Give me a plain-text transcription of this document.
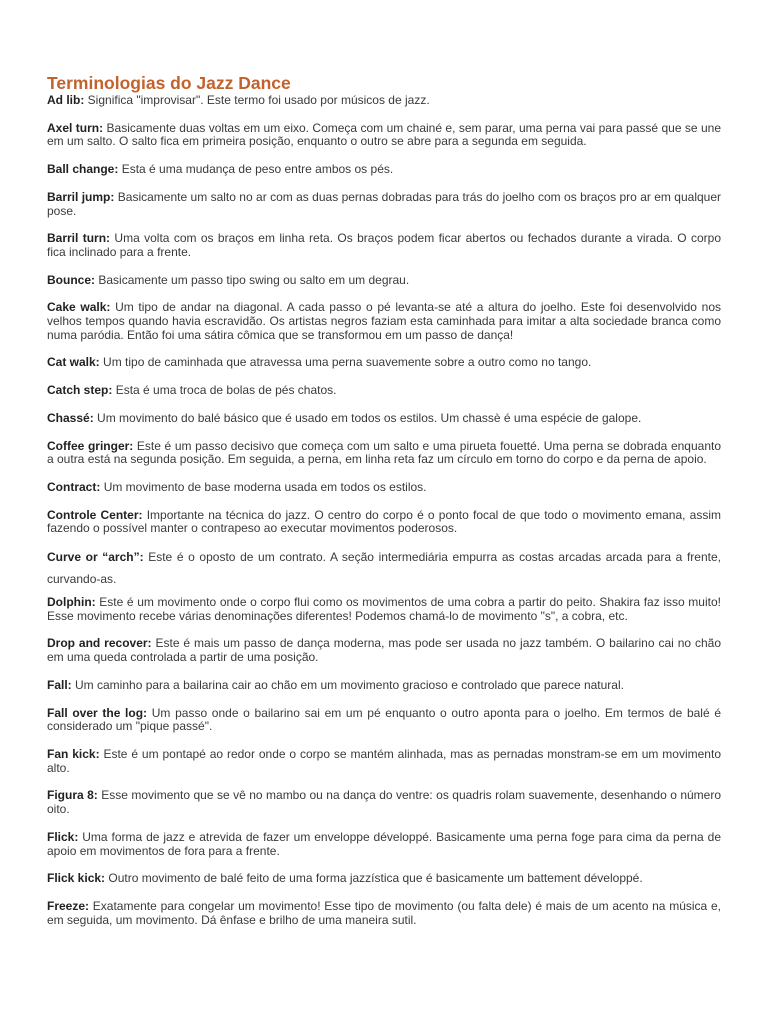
Terminologias do Jazz Dance

Ad lib: Significa "improvisar". Este termo foi usado por músicos de jazz.

Axel turn: Basicamente duas voltas em um eixo. Começa com um chainé e, sem parar, uma perna vai para passé que se une em um salto. O salto fica em primeira posição, enquanto o outro se abre para a segunda em seguida.

Ball change: Esta é uma mudança de peso entre ambos os pés.

Barril jump: Basicamente um salto no ar com as duas pernas dobradas para trás do joelho com os braços pro ar em qualquer pose.

Barril turn: Uma volta com os braços em linha reta. Os braços podem ficar abertos ou fechados durante a virada. O corpo fica inclinado para a frente.

Bounce: Basicamente um passo tipo swing ou salto em um degrau.

Cake walk: Um tipo de andar na diagonal. A cada passo o pé levanta-se até a altura do joelho. Este foi desenvolvido nos velhos tempos quando havia escravidão. Os artistas negros faziam esta caminhada para imitar a alta sociedade branca como numa paródia. Então foi uma sátira cômica que se transformou em um passo de dança!

Cat walk: Um tipo de caminhada que atravessa uma perna suavemente sobre a outro como no tango.

Catch step: Esta é uma troca de bolas de pés chatos.

Chassé: Um movimento do balé básico que é usado em todos os estilos. Um chassè é uma espécie de galope.

Coffee gringer: Este é um passo decisivo que começa com um salto e uma pirueta fouetté. Uma perna se dobrada enquanto a outra está na segunda posição. Em seguida, a perna, em linha reta faz um círculo em torno do corpo e da perna de apoio.

Contract: Um movimento de base moderna usada em todos os estilos.

Controle Center: Importante na técnica do jazz. O centro do corpo é o ponto focal de que todo o movimento emana, assim fazendo o possível manter o contrapeso ao executar movimentos poderosos.

Curve or “arch”: Este é o oposto de um contrato. A seção intermediária empurra as costas arcadas arcada para a frente, curvando-as.

Dolphin: Este é um movimento onde o corpo flui como os movimentos de uma cobra a partir do peito. Shakira faz isso muito! Esse movimento recebe várias denominações diferentes! Podemos chamá-lo de movimento "s", a cobra, etc.

Drop and recover: Este é mais um passo de dança moderna, mas pode ser usada no jazz também. O bailarino cai no chão em uma queda controlada a partir de uma posição.

Fall: Um caminho para a bailarina cair ao chão em um movimento gracioso e controlado que parece natural.

Fall over the log: Um passo onde o bailarino sai em um pé enquanto o outro aponta para o joelho. Em termos de balé é considerado um "pique passé".

Fan kick: Este é um pontapé ao redor onde o corpo se mantém alinhada, mas as pernadas monstram-se em um movimento alto.

Figura 8: Esse movimento que se vê no mambo ou na dança do ventre: os quadris rolam suavemente, desenhando o número oito.

Flick: Uma forma de jazz e atrevida de fazer um enveloppe développé. Basicamente uma perna foge para cima da perna de apoio em movimentos de fora para a frente.

Flick kick: Outro movimento de balé feito de uma forma jazzística que é basicamente um battement développé.

Freeze: Exatamente para congelar um movimento! Esse tipo de movimento (ou falta dele) é mais de um acento na música e, em seguida, um movimento. Dá ênfase e brilho de uma maneira sutil.
